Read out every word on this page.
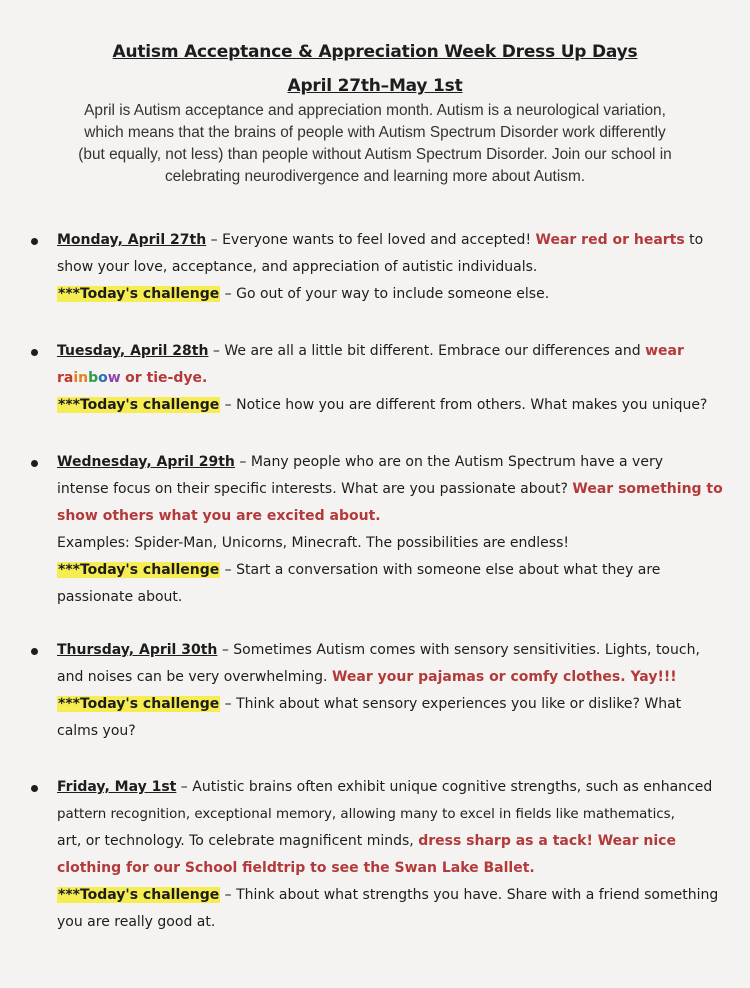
Autism Acceptance & Appreciation Week Dress Up Days
April 27th–May 1st
April is Autism acceptance and appreciation month. Autism is a neurological variation,
which means that the brains of people with Autism Spectrum Disorder work differently
(but equally, not less) than people without Autism Spectrum Disorder. Join our school in
celebrating neurodivergence and learning more about Autism.
Monday, April 27th – Everyone wants to feel loved and accepted! Wear red or hearts to
show your love, acceptance, and appreciation of autistic individuals.
***Today's challenge – Go out of your way to include someone else.
Tuesday, April 28th – We are all a little bit different. Embrace our differences and wear
rainbow or tie-dye.
***Today's challenge – Notice how you are different from others. What makes you unique?
Wednesday, April 29th – Many people who are on the Autism Spectrum have a very
intense focus on their specific interests. What are you passionate about? Wear something to
show others what you are excited about.
Examples: Spider-Man, Unicorns, Minecraft. The possibilities are endless!
***Today's challenge – Start a conversation with someone else about what they are
passionate about.
Thursday, April 30th – Sometimes Autism comes with sensory sensitivities. Lights, touch,
and noises can be very overwhelming. Wear your pajamas or comfy clothes. Yay!!!
***Today's challenge – Think about what sensory experiences you like or dislike? What
calms you?
Friday, May 1st – Autistic brains often exhibit unique cognitive strengths, such as enhanced
pattern recognition, exceptional memory, allowing many to excel in fields like mathematics,
art, or technology. To celebrate magnificent minds, dress sharp as a tack! Wear nice
clothing for our School fieldtrip to see the Swan Lake Ballet.
***Today's challenge – Think about what strengths you have. Share with a friend something
you are really good at.
